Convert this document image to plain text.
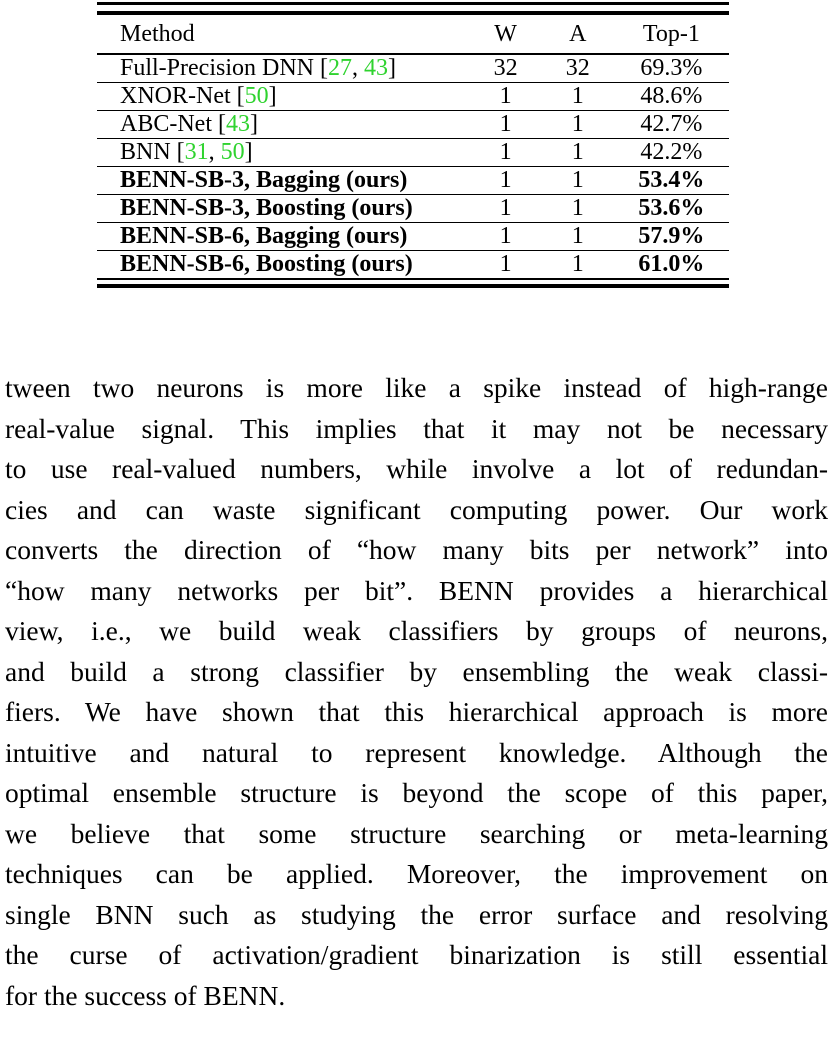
Method	W	A	Top-1
Full-Precision DNN [27, 43]	32	32	69.3%
XNOR-Net [50]	1	1	48.6%
ABC-Net [43]	1	1	42.7%
BNN [31, 50]	1	1	42.2%
BENN-SB-3, Bagging (ours)	1	1	53.4%
BENN-SB-3, Boosting (ours)	1	1	53.6%
BENN-SB-6, Bagging (ours)	1	1	57.9%
BENN-SB-6, Boosting (ours)	1	1	61.0%
tween two neurons is more like a spike instead of high-range
real-value signal. This implies that it may not be necessary
to use real-valued numbers, while involve a lot of redundan-
cies and can waste significant computing power. Our work
converts the direction of “how many bits per network” into
“how many networks per bit”. BENN provides a hierarchical
view, i.e., we build weak classifiers by groups of neurons,
and build a strong classifier by ensembling the weak classi-
fiers. We have shown that this hierarchical approach is more
intuitive and natural to represent knowledge. Although the
optimal ensemble structure is beyond the scope of this paper,
we believe that some structure searching or meta-learning
techniques can be applied. Moreover, the improvement on
single BNN such as studying the error surface and resolving
the curse of activation/gradient binarization is still essential
for the success of BENN.
